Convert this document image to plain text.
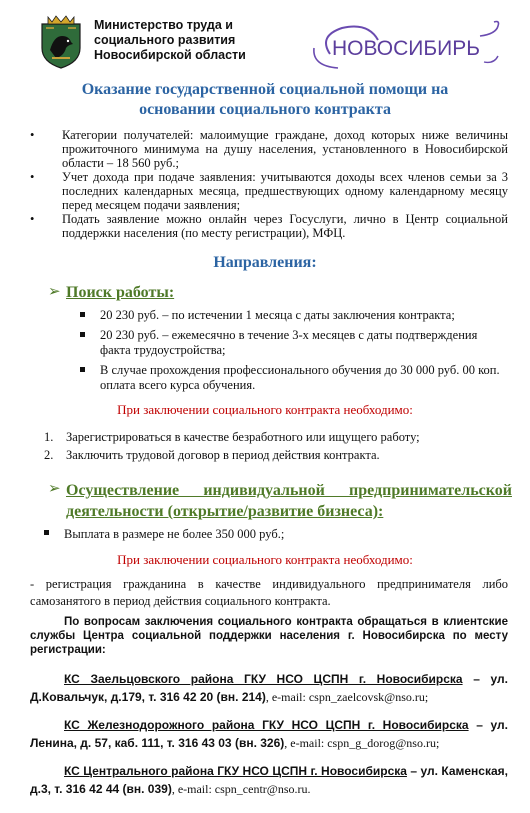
Министерство труда и
социального развития
Новосибирской области	НОВОСИБИРЬ
Оказание государственной социальной помощи на
основании социального контракта
• Категории получателей: малоимущие граждане, доход которых ниже величины прожиточного минимума на душу населения, установленного в Новосибирской области – 18 560 руб.;
• Учет дохода при подаче заявления: учитываются доходы всех членов семьи за 3 последних календарных месяца, предшествующих одному календарному месяцу перед месяцем подачи заявления;
• Подать заявление можно онлайн через Госуслуги, лично в Центр социальной поддержки населения (по месту регистрации), МФЦ.
Направления:
➢ Поиск работы:
20 230 руб. – по истечении 1 месяца с даты заключения контракта;
20 230 руб. – ежемесячно в течение 3-х месяцев с даты подтверждения факта трудоустройства;
В случае прохождения профессионального обучения до 30 000 руб. 00 коп. оплата всего курса обучения.
При заключении социального контракта необходимо:
1. Зарегистрироваться в качестве безработного или ищущего работу;
2. Заключить трудовой договор в период действия контракта.
➢ Осуществление индивидуальной предпринимательской
деятельности (открытие/развитие бизнеса):
Выплата в размере не более 350 000 руб.;
При заключении социального контракта необходимо:
- регистрация гражданина в качестве индивидуального предпринимателя либо самозанятого в период действия социального контракта.
По вопросам заключения социального контракта обращаться в клиентские службы Центра социальной поддержки населения г. Новосибирска по месту регистрации:
КС Заельцовского района ГКУ НСО ЦСПН г. Новосибирска – ул. Д.Ковальчук, д.179, т. 316 42 20 (вн. 214), e-mail: cspn_zaelcovsk@nso.ru;
КС Железнодорожного района ГКУ НСО ЦСПН г. Новосибирска – ул. Ленина, д. 57, каб. 111, т. 316 43 03 (вн. 326), e-mail: cspn_g_dorog@nso.ru;
КС Центрального района ГКУ НСО ЦСПН г. Новосибирска – ул. Каменская, д.3, т. 316 42 44 (вн. 039), e-mail: cspn_centr@nso.ru.
